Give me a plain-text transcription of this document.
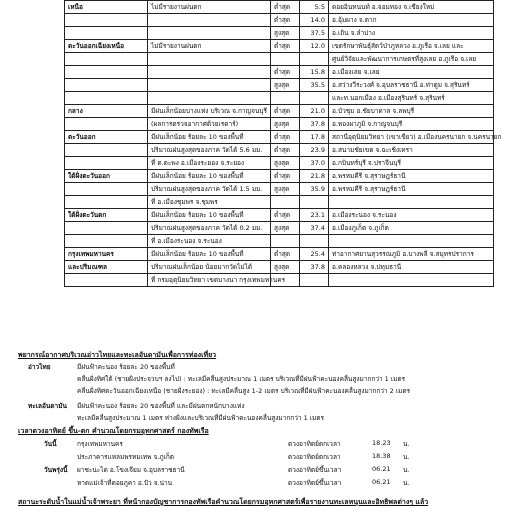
เหนือ	ไม่มีรายงานฝนตก	ต่ำสุด	5.5	ดอยอินทนนท์ อ.จอมทอง จ.เชียงใหม่
		ต่ำสุด	14.0	อ.อุ้มผาง จ.ตาก
		สูงสุด	37.5	อ.เถิน จ.ลำปาง
ตะวันออกเฉียงเหนือ	ไม่มีรายงานฝนตก	ต่ำสุด	12.0	เขตรักษาพันธุ์สัตว์ป่าภูหลวง อ.ภูเรือ จ.เลย และ
				ศูนย์วิจัยและพัฒนาการเกษตรที่สูงเลย อ.ภูเรือ จ.เลย
		ต่ำสุด	15.8	อ.เมืองเลย จ.เลย
		สูงสุด	35.5	อ.สว่างวีระวงศ์ จ.อุบลราชธานี อ.ท่าตูม จ.สุรินทร์
				และท.นอกเมือง อ.เมืองสุรินทร์ จ.สุรินทร์
กลาง	มีฝนเล็กน้อยบางแห่ง บริเวณ จ.กาญจนบุรี	ต่ำสุด	21.0	อ.บัวชุม อ.ชัยบาดาล จ.ลพบุรี
	(ผลการตรวจอากาศด้วยเรดาร์)	สูงสุด	37.8	อ.ทองผาภูมิ จ.กาญจนบุรี
ตะวันออก	มีฝนเล็กน้อย ร้อยละ 10 ของพื้นที่	ต่ำสุด	17.8	สถานีอุตุนิยมวิทยา (เขาเขียว) อ.เมืองนครนายก จ.นครนายก
	ปริมาณฝนสูงสุดของภาค วัดได้ 5.6 มม.	ต่ำสุด	23.9	อ.สนามชัยเขต จ.ฉะเชิงเทรา
	ที่ ต.ตะพง อ.เมืองระยอง จ.ระยอง	สูงสุด	37.0	อ.กบินทร์บุรี จ.ปราจีนบุรี
ใต้ฝั่งตะวันออก	มีฝนเล็กน้อย ร้อยละ 10 ของพื้นที่	ต่ำสุด	21.8	อ.พรหมคีรี จ.สุราษฎร์ธานี
	ปริมาณฝนสูงสุดของภาค วัดได้ 1.5 มม.	สูงสุด	35.9	อ.พรหมคีรี จ.สุราษฎร์ธานี
	ที่ อ.เมืองชุมพร จ.ชุมพร			
ใต้ฝั่งตะวันตก	มีฝนเล็กน้อย ร้อยละ 10 ของพื้นที่	ต่ำสุด	23.1	อ.เมืองระนอง จ.ระนอง
	ปริมาณฝนสูงสุดของภาค วัดได้ 0.2 มม.	สูงสุด	37.4	อ.เมืองภูเก็ต จ.ภูเก็ต
	ที่ อ.เมืองระนอง จ.ระนอง			
กรุงเทพมหานคร	มีฝนเล็กน้อย ร้อยละ 10 ของพื้นที่	ต่ำสุด	25.4	ท่าอากาศยานสุวรรณภูมิ อ.บางพลี จ.สมุทรปราการ
และปริมณฑล	ปริมาณฝนเล็กน้อย น้อยมากวัดไม่ได้	สูงสุด	37.8	อ.คลองหลวง จ.ปทุมธานี
	ที่ กรมอุตุนิยมวิทยา เขตบางนา กรุงเทพมหานคร			
พยากรณ์อากาศบริเวณอ่าวไทยและทะเลอันดามันเพื่อการท่องเที่ยว
อ่าวไทย	มีฝนฟ้าคะนอง ร้อยละ 20 ของพื้นที่
คลื่นฝั่งทิศใต้ (ชายฝั่งประจวบฯ ลงไป) : ทะเลมีคลื่นสูงประมาณ 1 เมตร บริเวณที่มีฝนฟ้าคะนองคลื่นสูงมากกว่า 1 เมตร
คลื่นฝั่งทิศตะวันออกเฉียงเหนือ (ชายฝั่งระยอง) : ทะเลมีคลื่นสูง 1-2 เมตร บริเวณที่มีฝนฟ้าคะนองคลื่นสูงมากกว่า 2 เมตร
ทะเลอันดามัน มีฝนฟ้าคะนอง ร้อยละ 20 ของพื้นที่ และมีฝนตกหนักบางแห่ง
ทะเลมีคลื่นสูงประมาณ 1 เมตร ห่างฝั่งและบริเวณที่มีฝนฟ้าคะนองคลื่นสูงมากกว่า 1 เมตร
เวลาดวงอาทิตย์ ขึ้น-ตก คำนวณโดยกรมอุทกศาสตร์ กองทัพเรือ
วันนี้	กรุงเทพมหานคร	ดวงอาทิตย์ตกเวลา	18.23 น.
ประภาคารแหลมพรหมเทพ จ.ภูเก็ต	ดวงอาทิตย์ตกเวลา	18.38 น.
วันพรุ่งนี้ ผาชะนะได อ.โขงเจียม จ.อุบลราชธานี	ดวงอาทิตย์ขึ้นเวลา	06.21 น.
หาดแม่เจ้าที่ดอยภูคา อ.ปัว จ.น่าน	ดวงอาทิตย์ขึ้นเวลา	06.21 น.
สถานะระดับน้ำในแม่น้ำเจ้าพระยา ที่หน้ากองบัญชาการกองทัพเรือคำนวณโดยกรมอุทกศาสตร์เพื่อรายงานทะเลหนุนและอิทธิพลต่างๆ แล้ว
